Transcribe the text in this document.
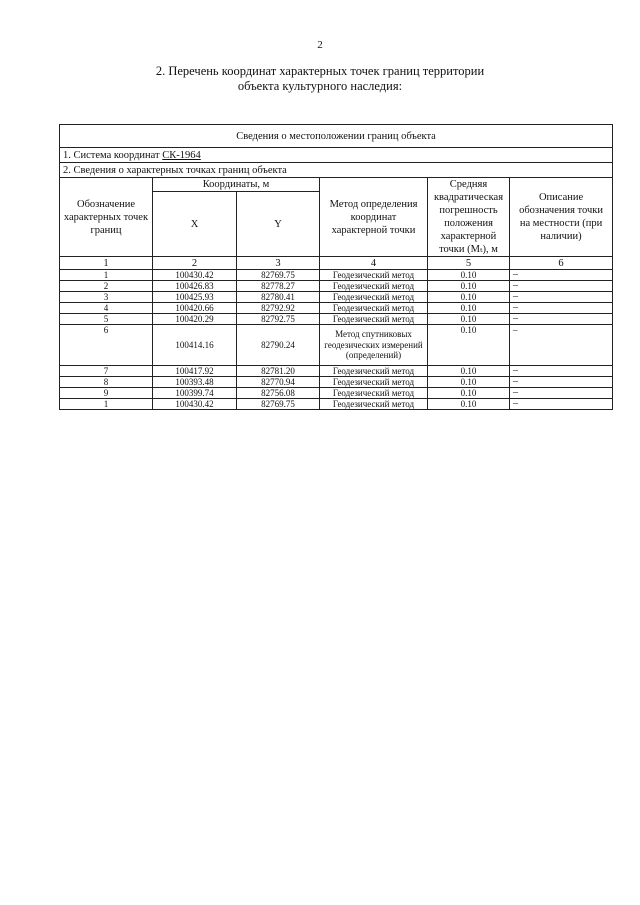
2
2. Перечень координат характерных точек границ территории
объекта культурного наследия:
Сведения о местоположении границ объекта					
1. Система координат СК-1964					
2. Сведения о характерных точках границ объекта					
Обозначение характерных точек границ	Координаты, м		Метод определения координат характерной точки	Средняя квадратическая погрешность положения характерной точки (Mₜ), м	Описание обозначения точки на местности (при наличии)
	X	Y			
1	2	3	4	5	6
1	100430.42	82769.75	Геодезический метод	0.10	–
2	100426.83	82778.27	Геодезический метод	0.10	–
3	100425.93	82780.41	Геодезический метод	0.10	–
4	100420.66	82792.92	Геодезический метод	0.10	–
5	100420.29	82792.75	Геодезический метод	0.10	–
6	100414.16	82790.24	Метод спутниковых геодезических измерений (определений)	0.10	–
7	100417.92	82781.20	Геодезический метод	0.10	–
8	100393.48	82770.94	Геодезический метод	0.10	–
9	100399.74	82756.08	Геодезический метод	0.10	–
1	100430.42	82769.75	Геодезический метод	0.10	–
